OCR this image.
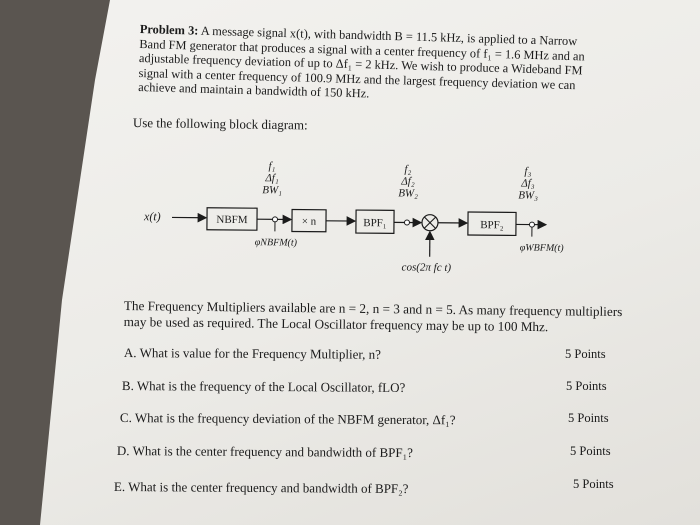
Problem 3: A message signal x(t), with bandwidth B = 11.5 kHz, is applied to a Narrow Band FM generator that produces a signal with a center frequency of f₁ = 1.6 MHz and an adjustable frequency deviation of up to Δf₁ = 2 kHz. We wish to produce a Wideband FM signal with a center frequency of 100.9 MHz and the largest frequency deviation we can achieve and maintain a bandwidth of 150 kHz.
Use the following block diagram:
f₁
Δf₁
BW₁
f₂
Δf₂
BW₂
f₃
Δf₃
BW₃
x(t)	NBFM
φNBFM(t)
× n	BPF₁
cos(2π fc t)
BPF₂
φWBFM(t)
The Frequency Multipliers available are n = 2, n = 3 and n = 5. As many frequency multipliers may be used as required. The Local Oscillator frequency may be up to 100 Mhz.
A. What is value for the Frequency Multiplier, n?	5 Points
B. What is the frequency of the Local Oscillator, fLO?	5 Points
C. What is the frequency deviation of the NBFM generator, Δf₁?	5 Points
D. What is the center frequency and bandwidth of BPF₁?	5 Points
E. What is the center frequency and bandwidth of BPF₂?	5 Points
